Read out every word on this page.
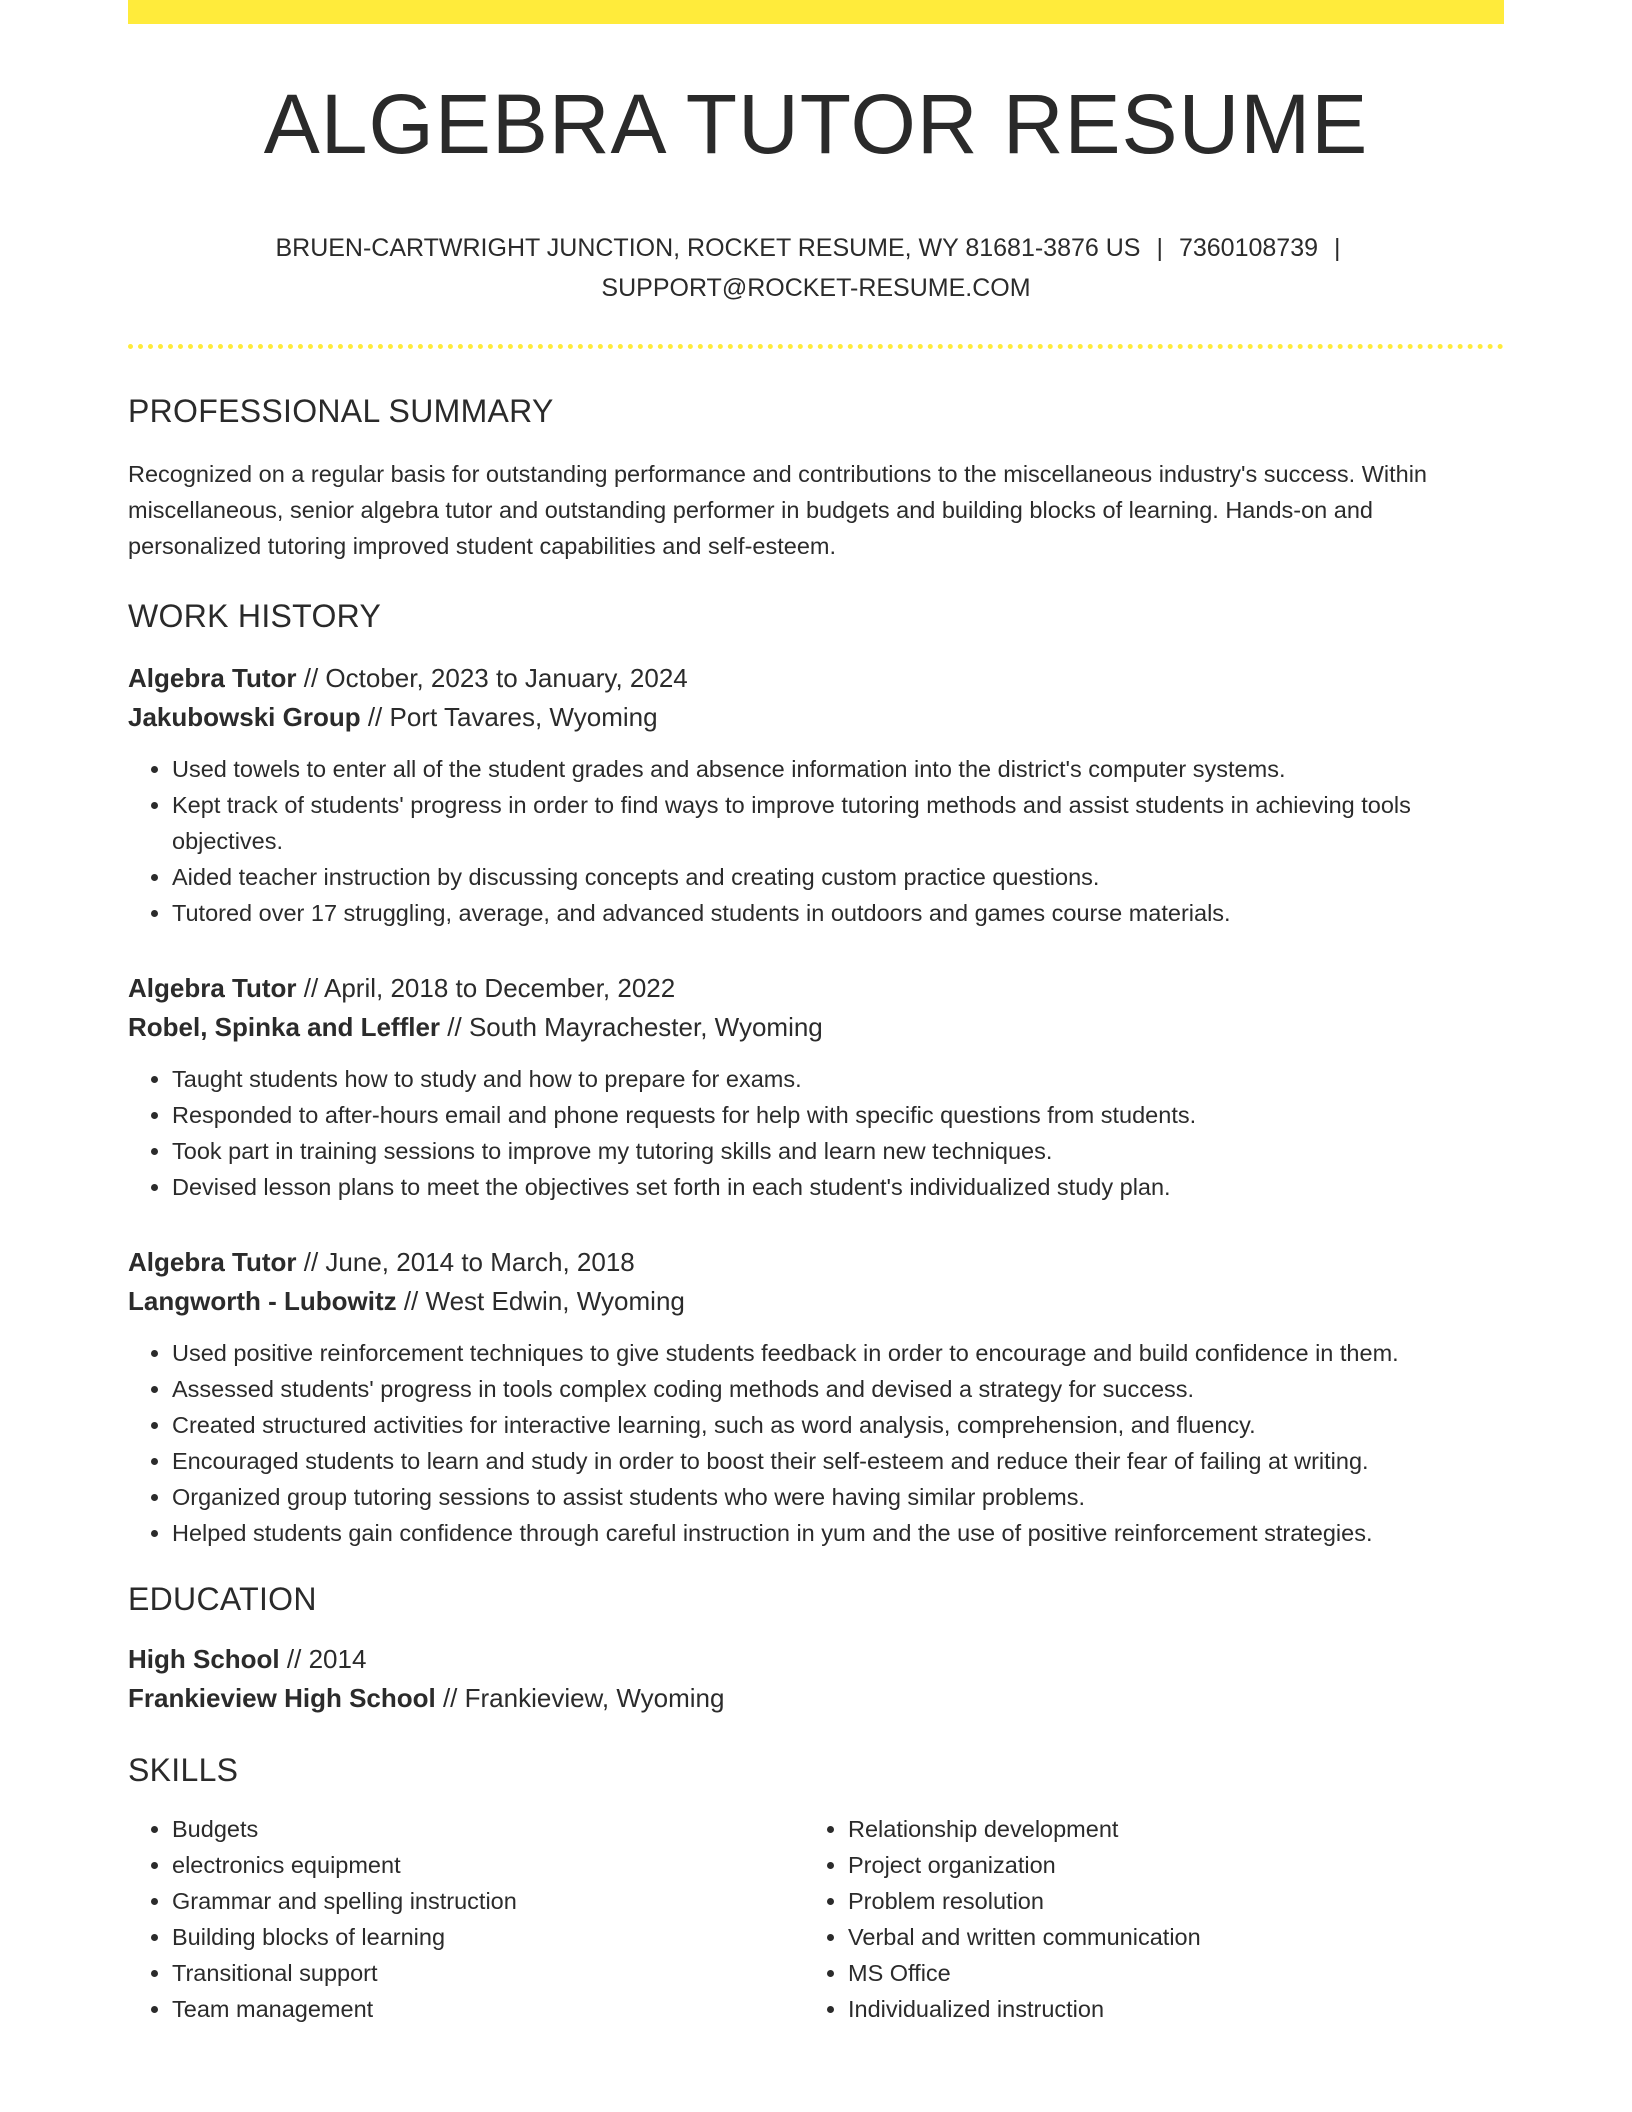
ALGEBRA TUTOR RESUME
BRUEN-CARTWRIGHT JUNCTION, ROCKET RESUME, WY 81681-3876 US | 7360108739 |
SUPPORT@ROCKET-RESUME.COM
PROFESSIONAL SUMMARY
Recognized on a regular basis for outstanding performance and contributions to the miscellaneous industry's success. Within miscellaneous, senior algebra tutor and outstanding performer in budgets and building blocks of learning. Hands-on and personalized tutoring improved student capabilities and self-esteem.
WORK HISTORY
Algebra Tutor // October, 2023 to January, 2024
Jakubowski Group // Port Tavares, Wyoming
• Used towels to enter all of the student grades and absence information into the district's computer systems.
• Kept track of students' progress in order to find ways to improve tutoring methods and assist students in achieving tools objectives.
• Aided teacher instruction by discussing concepts and creating custom practice questions.
• Tutored over 17 struggling, average, and advanced students in outdoors and games course materials.
Algebra Tutor // April, 2018 to December, 2022
Robel, Spinka and Leffler // South Mayrachester, Wyoming
• Taught students how to study and how to prepare for exams.
• Responded to after-hours email and phone requests for help with specific questions from students.
• Took part in training sessions to improve my tutoring skills and learn new techniques.
• Devised lesson plans to meet the objectives set forth in each student's individualized study plan.
Algebra Tutor // June, 2014 to March, 2018
Langworth - Lubowitz // West Edwin, Wyoming
• Used positive reinforcement techniques to give students feedback in order to encourage and build confidence in them.
• Assessed students' progress in tools complex coding methods and devised a strategy for success.
• Created structured activities for interactive learning, such as word analysis, comprehension, and fluency.
• Encouraged students to learn and study in order to boost their self-esteem and reduce their fear of failing at writing.
• Organized group tutoring sessions to assist students who were having similar problems.
• Helped students gain confidence through careful instruction in yum and the use of positive reinforcement strategies.
EDUCATION
High School // 2014
Frankieview High School // Frankieview, Wyoming
SKILLS
• Budgets
• electronics equipment
• Grammar and spelling instruction
• Building blocks of learning
• Transitional support
• Team management
• Relationship development
• Project organization
• Problem resolution
• Verbal and written communication
• MS Office
• Individualized instruction
